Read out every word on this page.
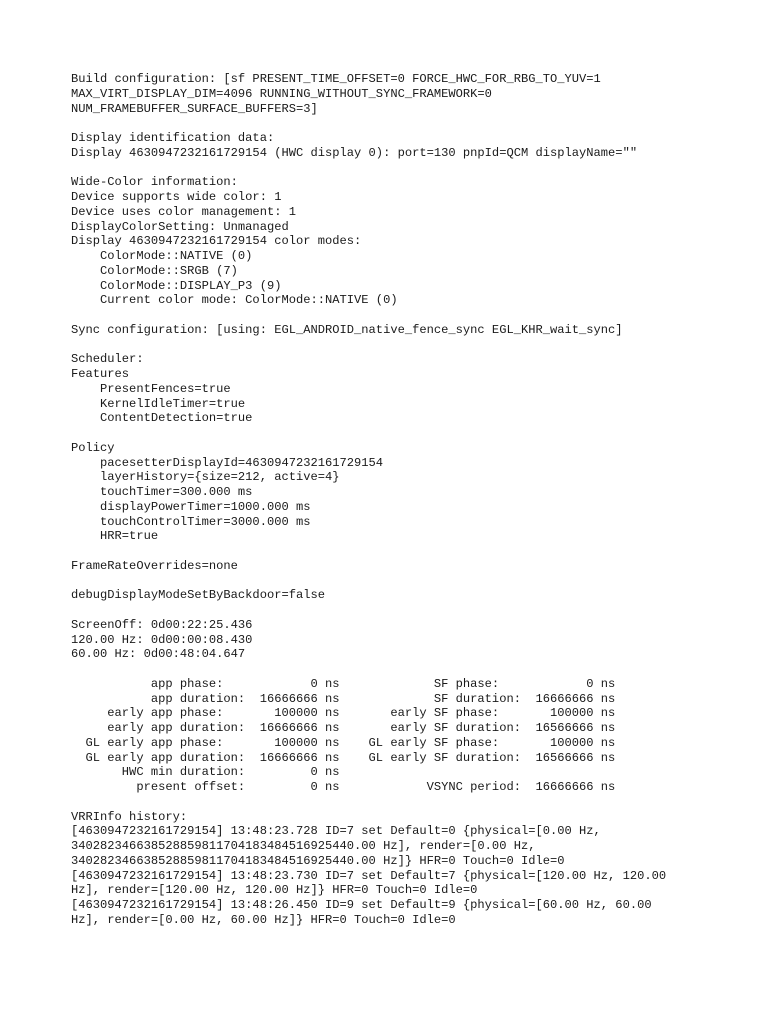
Build configuration: [sf PRESENT_TIME_OFFSET=0 FORCE_HWC_FOR_RBG_TO_YUV=1
MAX_VIRT_DISPLAY_DIM=4096 RUNNING_WITHOUT_SYNC_FRAMEWORK=0
NUM_FRAMEBUFFER_SURFACE_BUFFERS=3]
Display identification data:
Display 4630947232161729154 (HWC display 0): port=130 pnpId=QCM displayName=""
Wide-Color information:
Device supports wide color: 1
Device uses color management: 1
DisplayColorSetting: Unmanaged
Display 4630947232161729154 color modes:
ColorMode::NATIVE (0)
ColorMode::SRGB (7)
ColorMode::DISPLAY_P3 (9)
Current color mode: ColorMode::NATIVE (0)
Sync configuration: [using: EGL_ANDROID_native_fence_sync EGL_KHR_wait_sync]
Scheduler:
Features
PresentFences=true
KernelIdleTimer=true
ContentDetection=true
Policy
pacesetterDisplayId=4630947232161729154
layerHistory={size=212, active=4}
touchTimer=300.000 ms
displayPowerTimer=1000.000 ms
touchControlTimer=3000.000 ms
HRR=true
FrameRateOverrides=none
debugDisplayModeSetByBackdoor=false
ScreenOff: 0d00:22:25.436
120.00 Hz: 0d00:00:08.430
60.00 Hz: 0d00:48:04.647
app phase:            0 ns             SF phase:            0 ns
app duration:  16666666 ns             SF duration:  16666666 ns
early app phase:       100000 ns       early SF phase:       100000 ns
early app duration:  16666666 ns       early SF duration:  16566666 ns
GL early app phase:       100000 ns    GL early SF phase:       100000 ns
GL early app duration:  16666666 ns    GL early SF duration:  16566666 ns
HWC min duration:         0 ns
present offset:         0 ns            VSYNC period:  16666666 ns
VRRInfo history:
[4630947232161729154] 13:48:23.728 ID=7 set Default=0 {physical=[0.00 Hz,
340282346638528859811704183484516925440.00 Hz], render=[0.00 Hz,
340282346638528859811704183484516925440.00 Hz]} HFR=0 Touch=0 Idle=0
[4630947232161729154] 13:48:23.730 ID=7 set Default=7 {physical=[120.00 Hz, 120.00
Hz], render=[120.00 Hz, 120.00 Hz]} HFR=0 Touch=0 Idle=0
[4630947232161729154] 13:48:26.450 ID=9 set Default=9 {physical=[60.00 Hz, 60.00
Hz], render=[0.00 Hz, 60.00 Hz]} HFR=0 Touch=0 Idle=0
